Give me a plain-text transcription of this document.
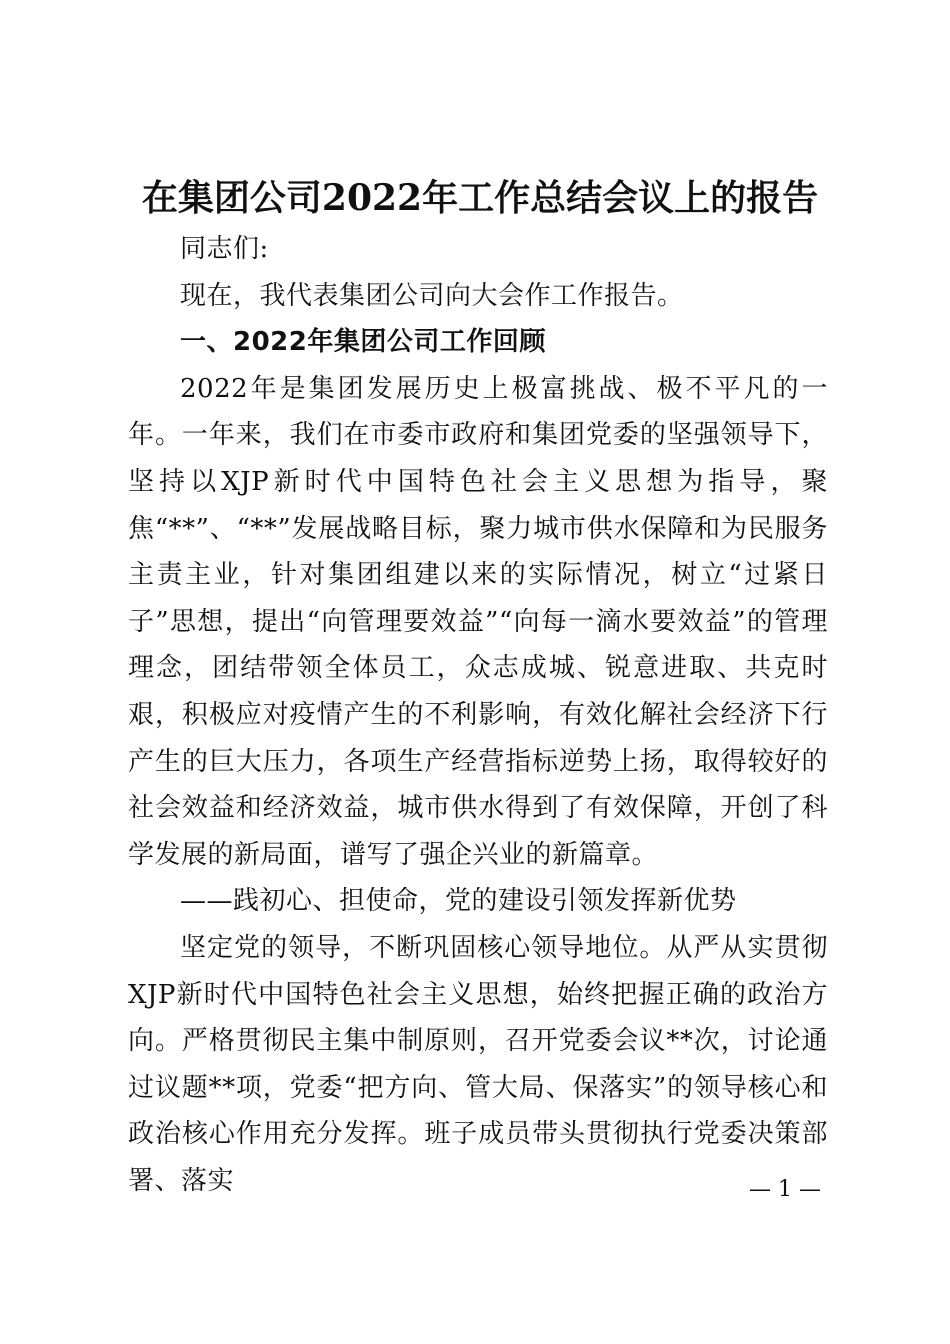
在集团公司2022年工作总结会议上的报告

同志们:

现在，我代表集团公司向大会作工作报告。

一、2022年集团公司工作回顾

2022年是集团发展历史上极富挑战、极不平凡的一年。一年来，我们在市委市政府和集团党委的坚强领导下，坚持以XJP新时代中国特色社会主义思想为指导，聚焦“**”、“**”发展战略目标，聚力城市供水保障和为民服务主责主业，针对集团组建以来的实际情况，树立“过紧日子”思想，提出“向管理要效益”“向每一滴水要效益”的管理理念，团结带领全体员工，众志成城、锐意进取、共克时艰，积极应对疫情产生的不利影响，有效化解社会经济下行产生的巨大压力，各项生产经营指标逆势上扬，取得较好的社会效益和经济效益，城市供水得到了有效保障，开创了科学发展的新局面，谱写了强企兴业的新篇章。

——践初心、担使命，党的建设引领发挥新优势

坚定党的领导，不断巩固核心领导地位。从严从实贯彻XJP新时代中国特色社会主义思想，始终把握正确的政治方向。严格贯彻民主集中制原则，召开党委会议**次，讨论通过议题**项，党委“把方向、管大局、保落实”的领导核心和政治核心作用充分发挥。班子成员带头贯彻执行党委决策部署、落实	— 1 —
